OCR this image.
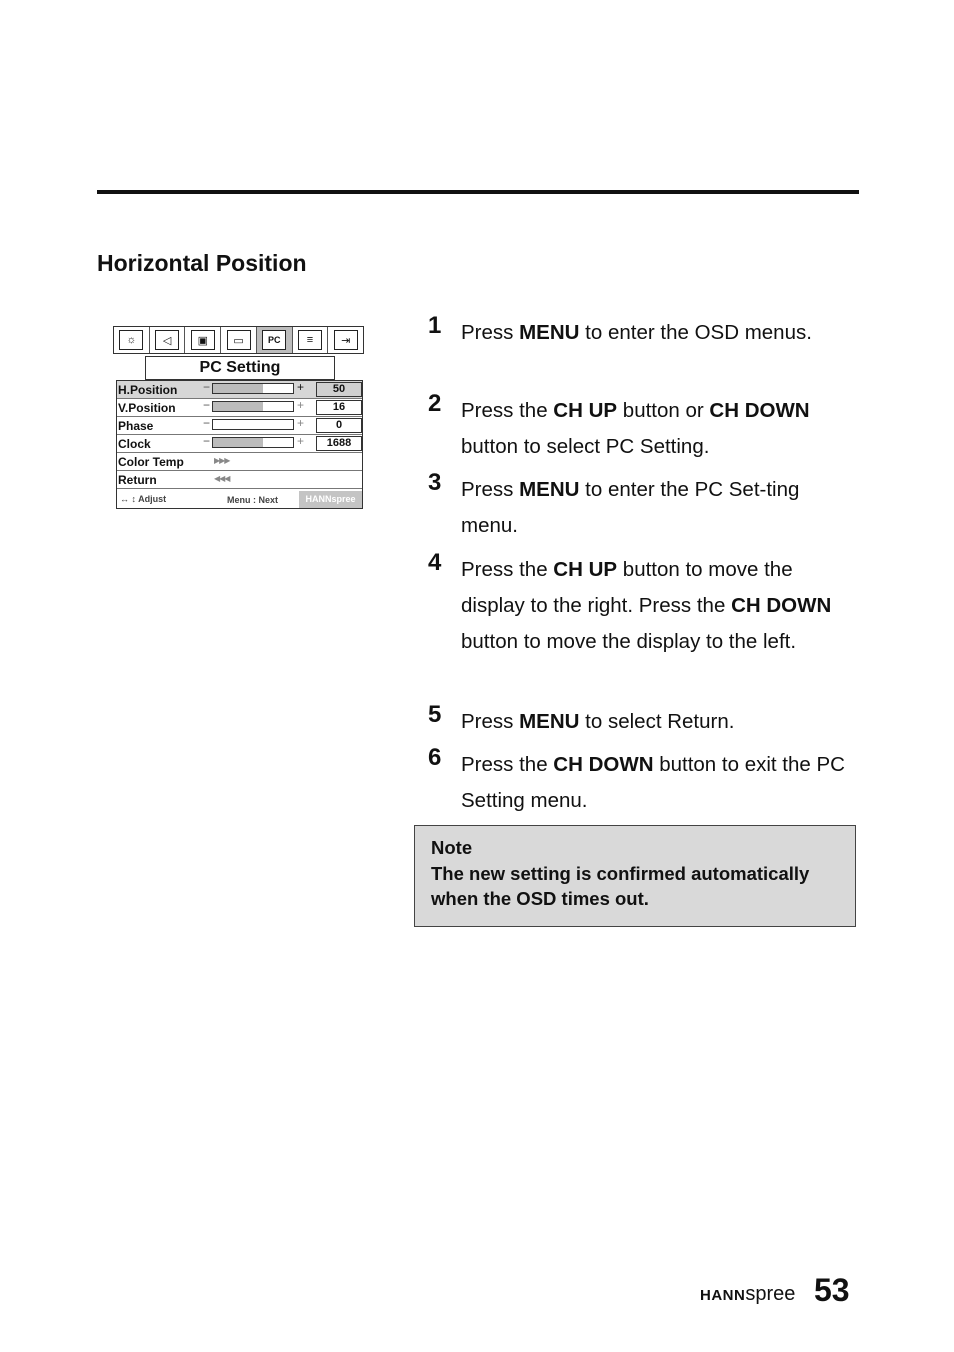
Horizontal Position
☼	◁	▣	▭	PC	≡	⇥
PC Setting
Color Temp	▶▶▶
Return	◀◀◀
↔ ↕ Adjust	Menu : Next	HANNspree
H.Position −	+	50
V.Position −	+	16
Phase	−	+	0
Clock	−	+	1688
1 Press MENU to enter the OSD menus.

2 Press the CH UP button or CH DOWN button to select PC Setting.

3 Press MENU to enter the PC Set-ting menu.

4 Press the CH UP button to move the display to the right. Press the CH DOWN button to move the display to the left.

5 Press MENU to select Return.

6 Press the CH DOWN button to exit the PC Setting menu.

Note
The new setting is confirmed automatically when the OSD times out.
HANNspree 53
